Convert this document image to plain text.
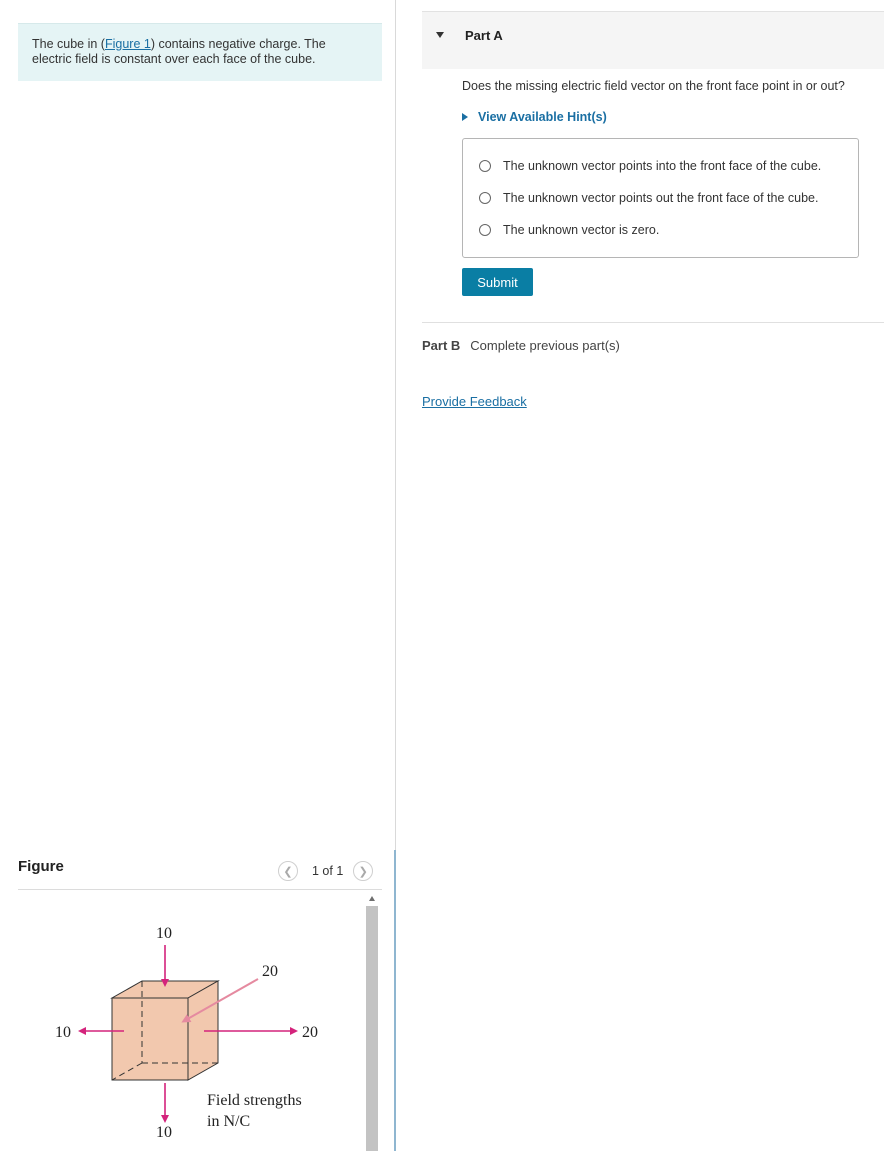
The cube in (Figure 1) contains negative charge. The electric field is constant over each face of the cube.
Figure	❮ 1 of 1 ❯
10
10
10	20
20
Field strengths
in N/C
Part A
Does the missing electric field vector on the front face point in or out?
View Available Hint(s)
The unknown vector points into the front face of the cube.
The unknown vector points out the front face of the cube.
The unknown vector is zero.
Submit
Part B Complete previous part(s)
Provide Feedback
